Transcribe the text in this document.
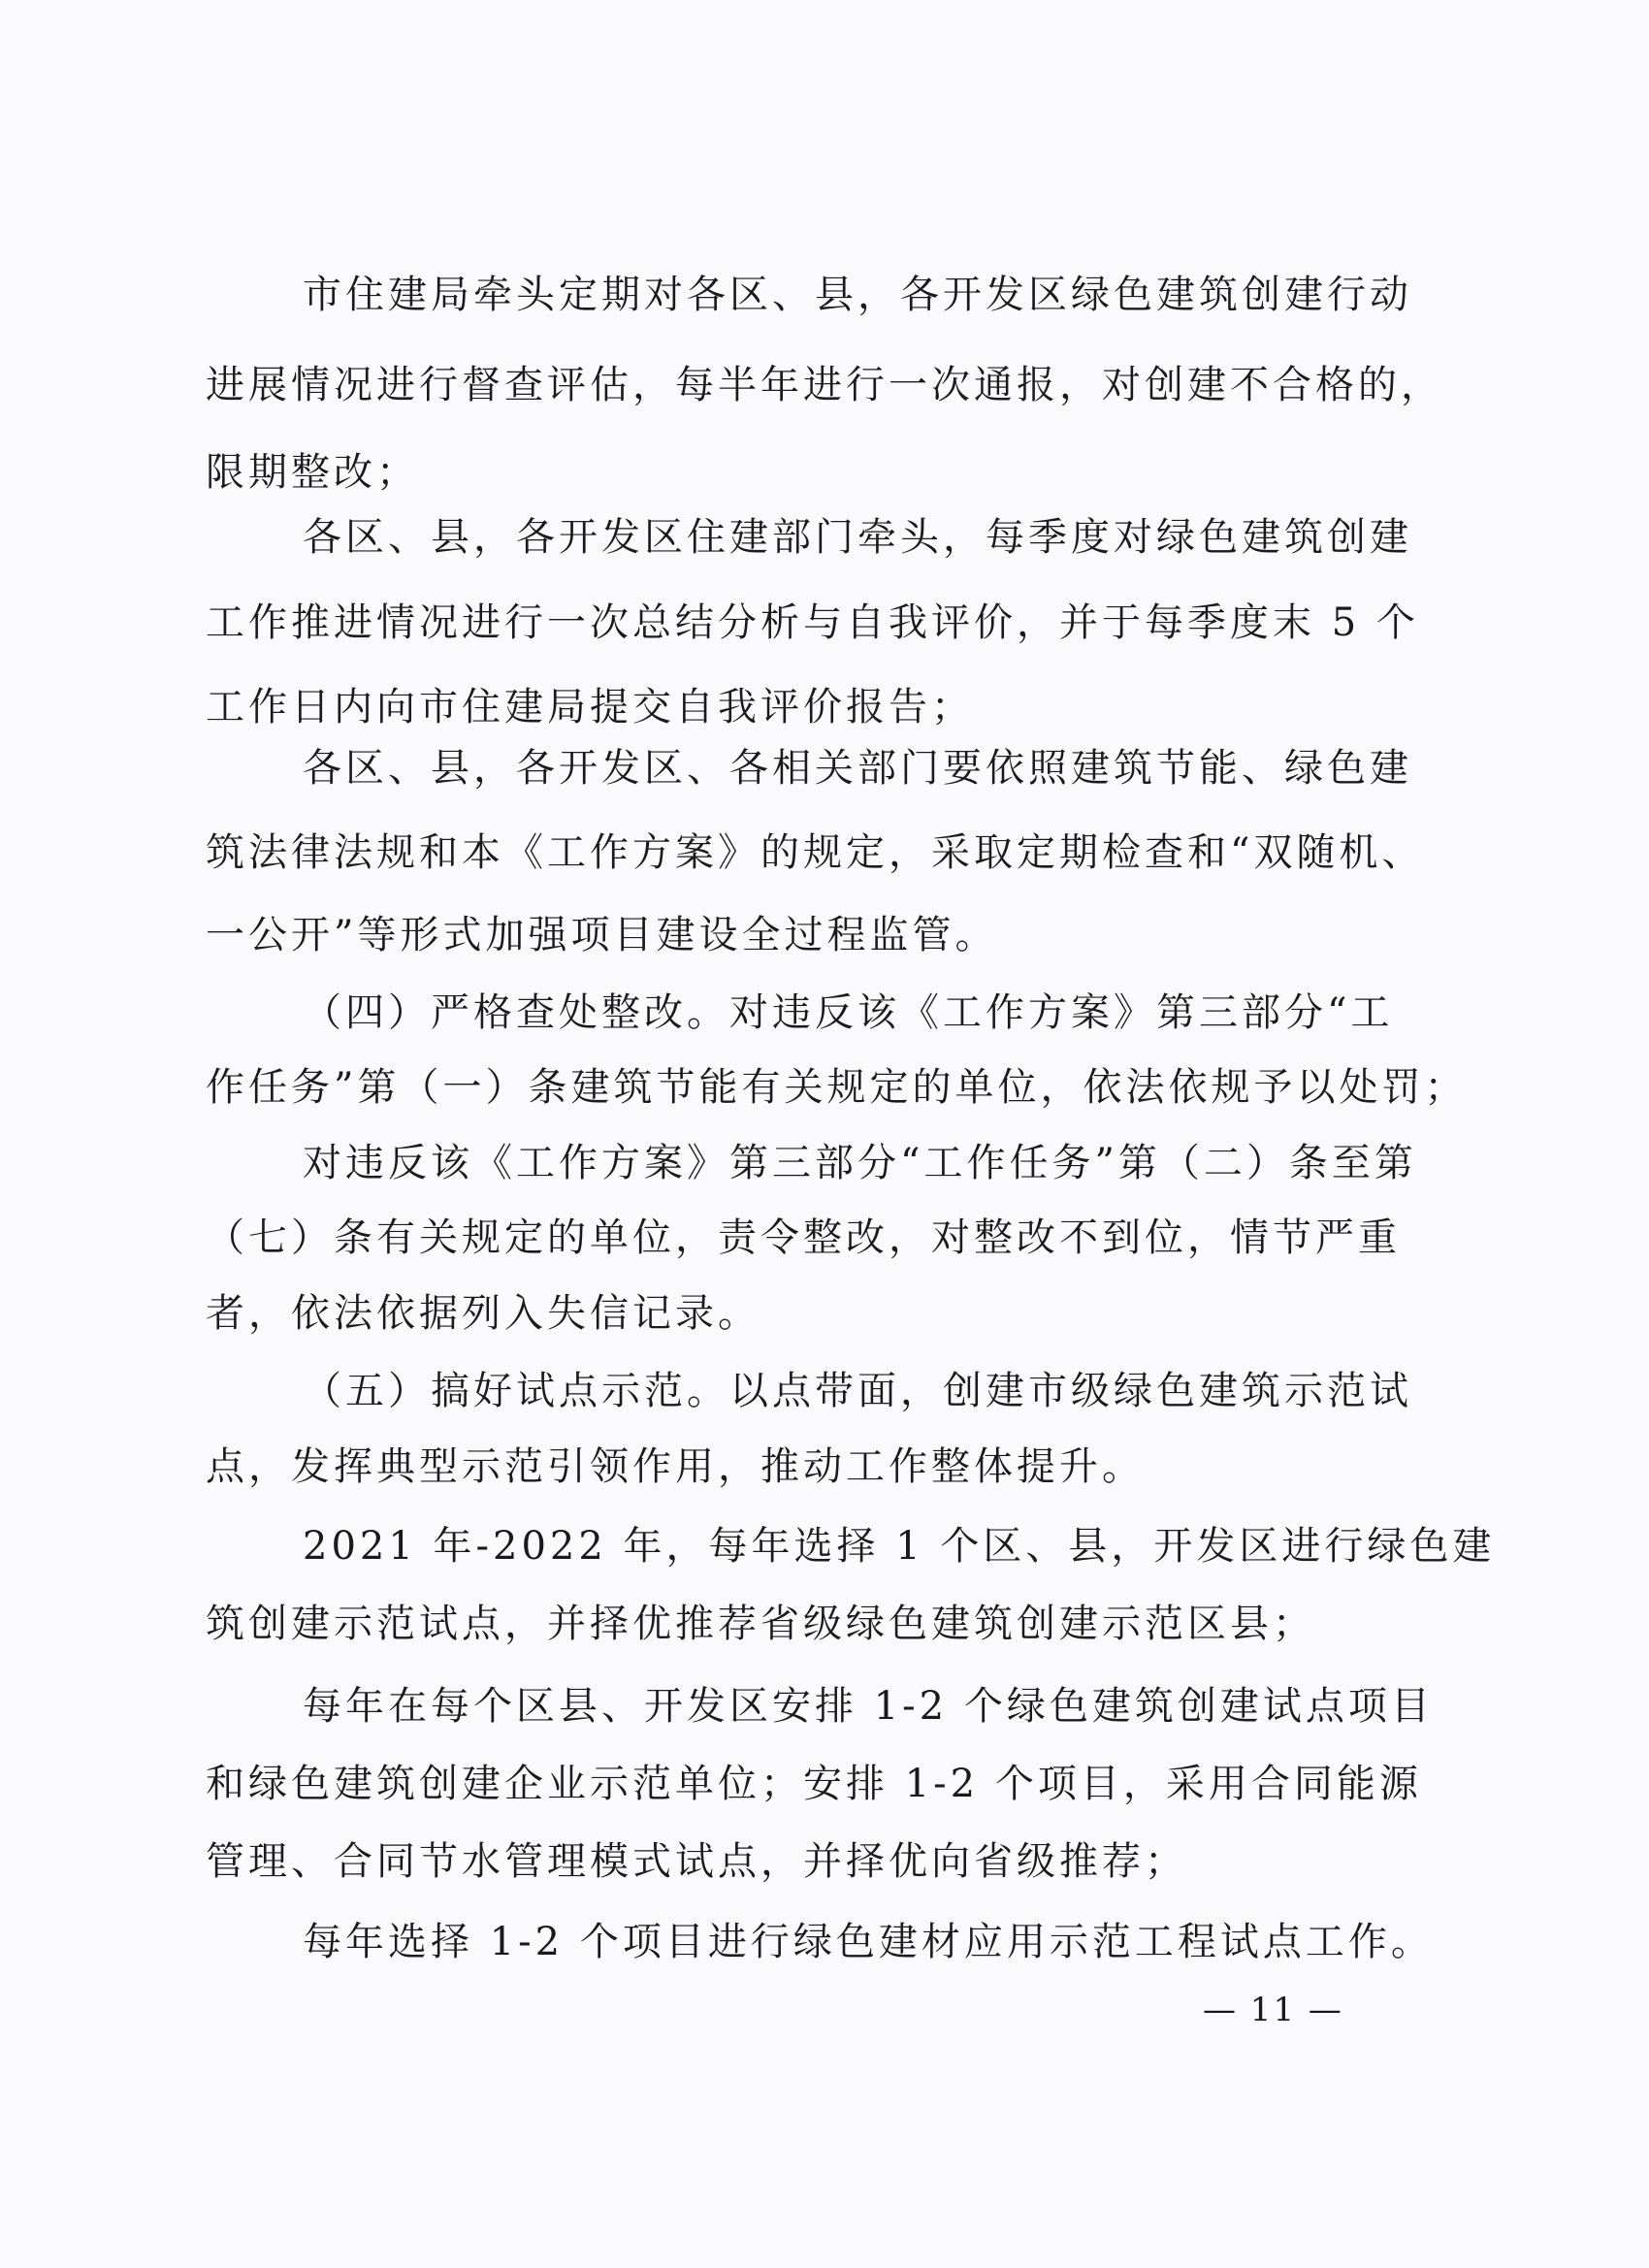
市住建局牵头定期对各区、县，各开发区绿色建筑创建行动
进展情况进行督查评估，每半年进行一次通报，对创建不合格的，
限期整改；
各区、县，各开发区住建部门牵头，每季度对绿色建筑创建
工作推进情况进行一次总结分析与自我评价，并于每季度末 5 个
工作日内向市住建局提交自我评价报告；
各区、县，各开发区、各相关部门要依照建筑节能、绿色建
筑法律法规和本《工作方案》的规定，采取定期检查和“双随机、
一公开”等形式加强项目建设全过程监管。
（四）严格查处整改。对违反该《工作方案》第三部分“工
作任务”第（一）条建筑节能有关规定的单位，依法依规予以处罚；
对违反该《工作方案》第三部分“工作任务”第（二）条至第
（七）条有关规定的单位，责令整改，对整改不到位，情节严重
者，依法依据列入失信记录。
（五）搞好试点示范。以点带面，创建市级绿色建筑示范试
点，发挥典型示范引领作用，推动工作整体提升。
2021 年-2022 年，每年选择 1 个区、县，开发区进行绿色建
筑创建示范试点，并择优推荐省级绿色建筑创建示范区县；
每年在每个区县、开发区安排 1-2 个绿色建筑创建试点项目
和绿色建筑创建企业示范单位；安排 1-2 个项目，采用合同能源
管理、合同节水管理模式试点，并择优向省级推荐；
每年选择 1-2 个项目进行绿色建材应用示范工程试点工作。
— 11 —
